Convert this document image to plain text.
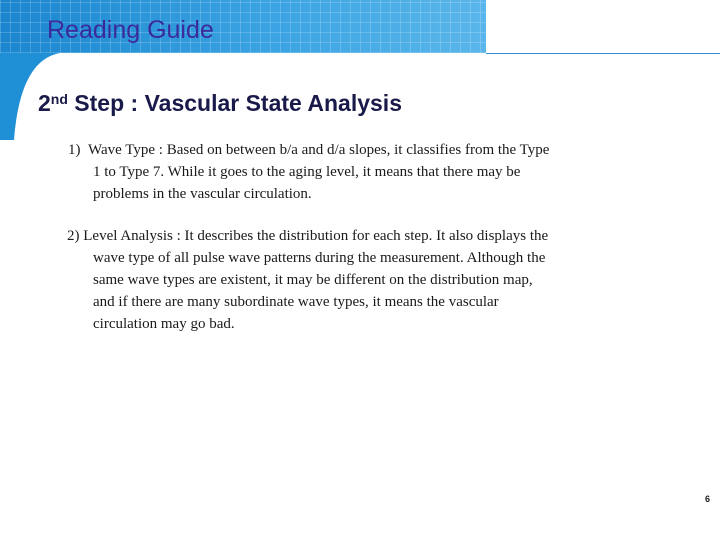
Reading Guide
2nd Step : Vascular State Analysis
1) Wave Type : Based on between b/a and d/a slopes, it classifies from the Type
1 to Type 7. While it goes to the aging level, it means that there may be
problems in the vascular circulation.
2) Level Analysis : It describes the distribution for each step. It also displays the
wave type of all pulse wave patterns during the measurement. Although the
same wave types are existent, it may be different on the distribution map,
and if there are many subordinate wave types, it means the vascular
circulation may go bad.
6
